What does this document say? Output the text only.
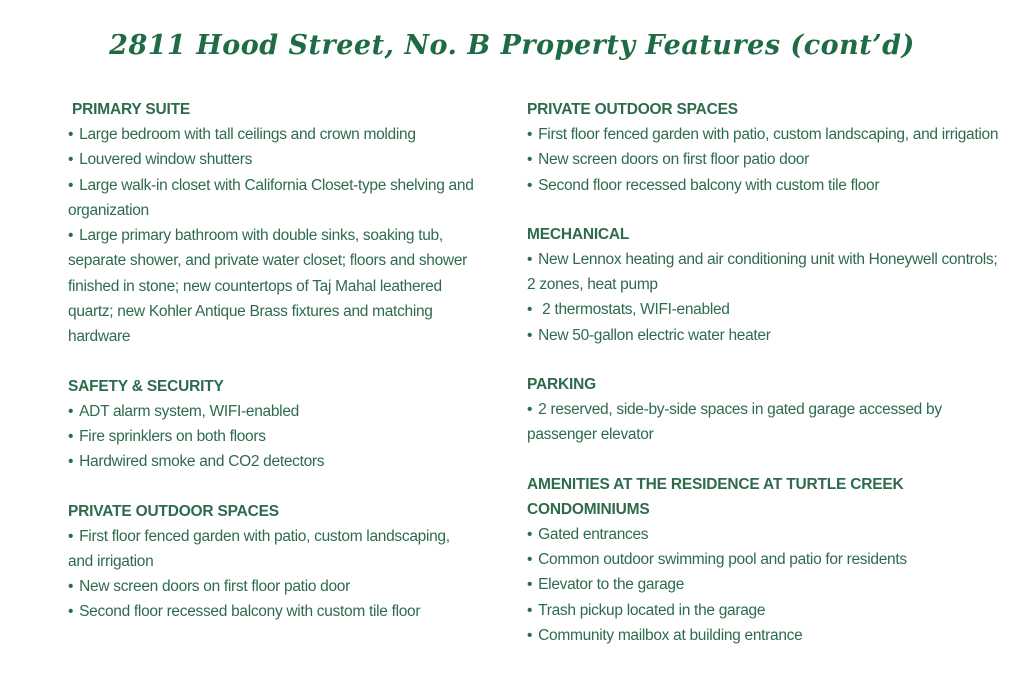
2811 Hood Street, No. B Property Features (cont’d)
PRIMARY SUITE
• Large bedroom with tall ceilings and crown molding
• Louvered window shutters
• Large walk-in closet with California Closet-type shelving and organization
• Large primary bathroom with double sinks, soaking tub, separate shower, and private water closet; floors and shower finished in stone; new countertops of Taj Mahal leathered quartz; new Kohler Antique Brass fixtures and matching hardware
SAFETY & SECURITY
• ADT alarm system, WIFI-enabled
• Fire sprinklers on both floors
• Hardwired smoke and CO2 detectors
PRIVATE OUTDOOR SPACES
• First floor fenced garden with patio, custom landscaping, and irrigation
• New screen doors on first floor patio door
• Second floor recessed balcony with custom tile floor
PRIVATE OUTDOOR SPACES
• First floor fenced garden with patio, custom landscaping, and irrigation
• New screen doors on first floor patio door
• Second floor recessed balcony with custom tile floor
MECHANICAL
• New Lennox heating and air conditioning unit with Honeywell controls; 2 zones, heat pump
• 2 thermostats, WIFI-enabled
• New 50-gallon electric water heater
PARKING
• 2 reserved, side-by-side spaces in gated garage accessed by passenger elevator
AMENITIES AT THE RESIDENCE AT TURTLE CREEK CONDOMINIUMS
• Gated entrances
• Common outdoor swimming pool and patio for residents
• Elevator to the garage
• Trash pickup located in the garage
• Community mailbox at building entrance
